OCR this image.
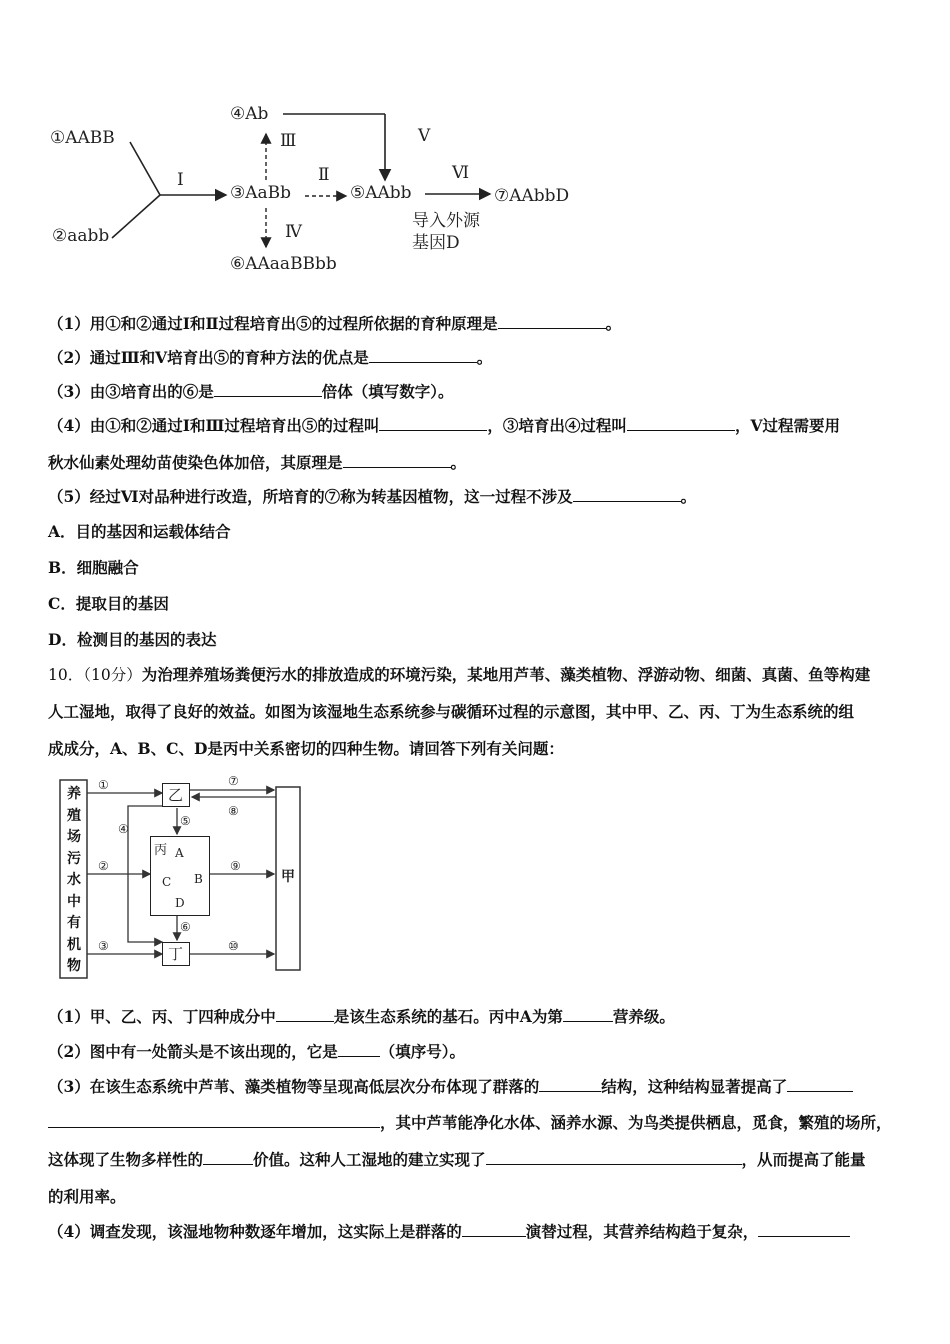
①AABB
②aabb
③AaBb
④Ab
⑤AAbb
⑥AAaaBBbb
⑦AAbbD
导入外源
基因D
Ⅰ	Ⅱ
Ⅲ
Ⅳ
Ⅴ
Ⅵ
（1）用①和②通过Ⅰ和Ⅱ过程培育出⑤的过程所依据的育种原理是	。
（2）通过Ⅲ和Ⅴ培育出⑤的育种方法的优点是	。
（3）由③培育出的⑥是	倍体（填写数字）。
（4）由①和②通过Ⅰ和Ⅲ过程培育出⑤的过程叫	，③培育出④过程叫	，Ⅴ过程需要用
秋水仙素处理幼苗使染色体加倍，其原理是	。
（5）经过Ⅵ对品种进行改造，所培育的⑦称为转基因植物，这一过程不涉及	。
A．目的基因和运载体结合
B．细胞融合
C．提取目的基因
D．检测目的基因的表达
10．（10分）为治理养殖场粪便污水的排放造成的环境污染，某地用芦苇、藻类植物、浮游动物、细菌、真菌、鱼等构建
人工湿地，取得了良好的效益。如图为该湿地生态系统参与碳循环过程的示意图，其中甲、乙、丙、丁为生态系统的组
成成分，A、B、C、D是丙中关系密切的四种生物。请回答下列有关问题：
乙
丙 A
B
C
D
丁
甲
养
殖
场
污
水
中
有
机
物
①
②
③
④
⑤
⑥
⑦
⑧
⑨
⑩
（1）甲、乙、丙、丁四种成分中	是该生态系统的基石。丙中A为第	营养级。
（2）图中有一处箭头是不该出现的，它是	（填序号）。
（3）在该生态系统中芦苇、藻类植物等呈现高低层次分布体现了群落的	结构，这种结构显著提高了
，其中芦苇能净化水体、涵养水源、为鸟类提供栖息，觅食，繁殖的场所，
这体现了生物多样性的	价值。这种人工湿地的建立实现了	，从而提高了能量
的利用率。
（4）调查发现，该湿地物种数逐年增加，这实际上是群落的	演替过程，其营养结构趋于复杂，
